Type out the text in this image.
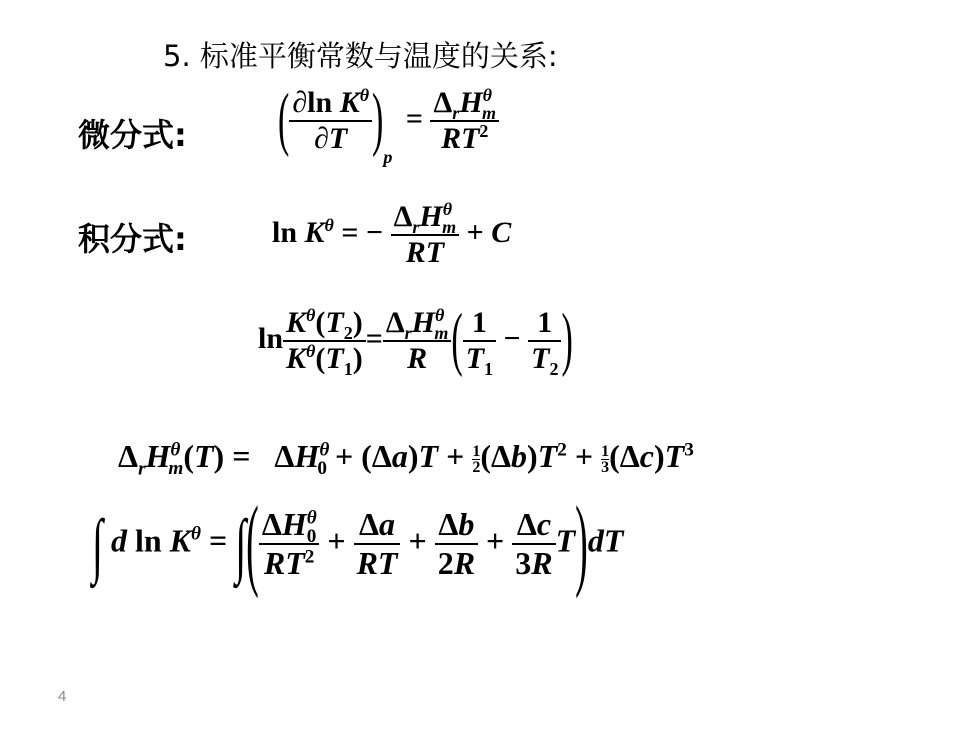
5. 标准平衡常数与温度的关系:
微分式:
积分式:
( $\frac{\partial\ln K^\theta}{\partial T} )_p = \frac{\Delta_rH^\theta_m}{RT^2}$
$\ln K^\theta$ = − $\frac{\Delta_rH^\theta_m}{RT} + C$
$\ln \frac{K^\theta(T_2)}{K^\theta(T_1)} = \frac{\Delta_rH^\theta_m}{R}$ ( $\frac{1}{T_1} - \frac{1}{T_2}$ )
$\Delta_rH^\theta_m(T) = \Delta H^\theta_0 + (\Delta a)T + \frac{1}{2} (\Delta b)T^2 + \frac{1}{3} (\Delta c)T^3$
∫ d $\ln K^\theta$ = ∫( $\frac{\Delta H^\theta_0}{RT^2} + \frac{\Delta a}{RT} + \frac{\Delta b}{2R} + \frac{\Delta c}{3R} T)dT$
4
